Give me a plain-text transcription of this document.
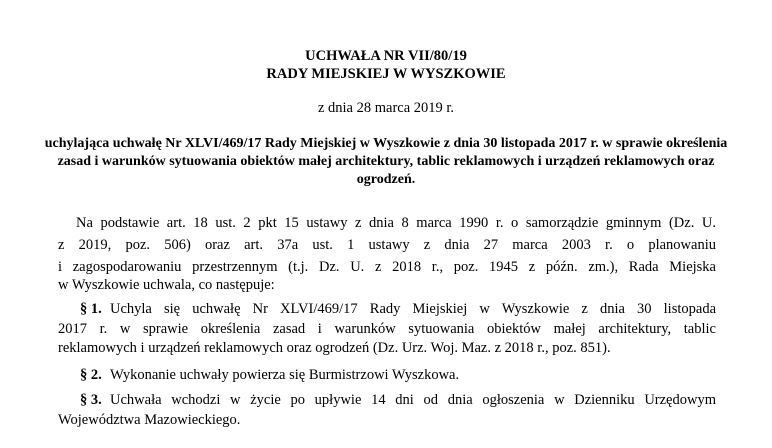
UCHWAŁA NR VII/80/19
RADY MIEJSKIEJ W WYSZKOWIE
z dnia 28 marca 2019 r.
uchylająca uchwałę Nr XLVI/469/17 Rady Miejskiej w Wyszkowie z dnia 30 listopada 2017 r. w sprawie określenia zasad i warunków sytuowania obiektów małej architektury, tablic reklamowych i urządzeń reklamowych oraz ogrodzeń.
Na podstawie art. 18 ust. 2 pkt 15 ustawy z dnia 8 marca 1990 r. o samorządzie gminnym (Dz. U.
z 2019, poz. 506) oraz art. 37a ust. 1 ustawy z dnia 27 marca 2003 r. o planowaniu
i zagospodarowaniu przestrzennym (t.j. Dz. U. z 2018 r., poz. 1945 z późn. zm.), Rada Miejska
w Wyszkowie uchwala, co następuje:
§ 1. Uchyla się uchwałę Nr XLVI/469/17 Rady Miejskiej w Wyszkowie z dnia 30 listopada
2017 r. w sprawie określenia zasad i warunków sytuowania obiektów małej architektury, tablic
reklamowych i urządzeń reklamowych oraz ogrodzeń (Dz. Urz. Woj. Maz. z 2018 r., poz. 851).
§ 2. Wykonanie uchwały powierza się Burmistrzowi Wyszkowa.
§ 3. Uchwała wchodzi w życie po upływie 14 dni od dnia ogłoszenia w Dzienniku Urzędowym
Województwa Mazowieckiego.
